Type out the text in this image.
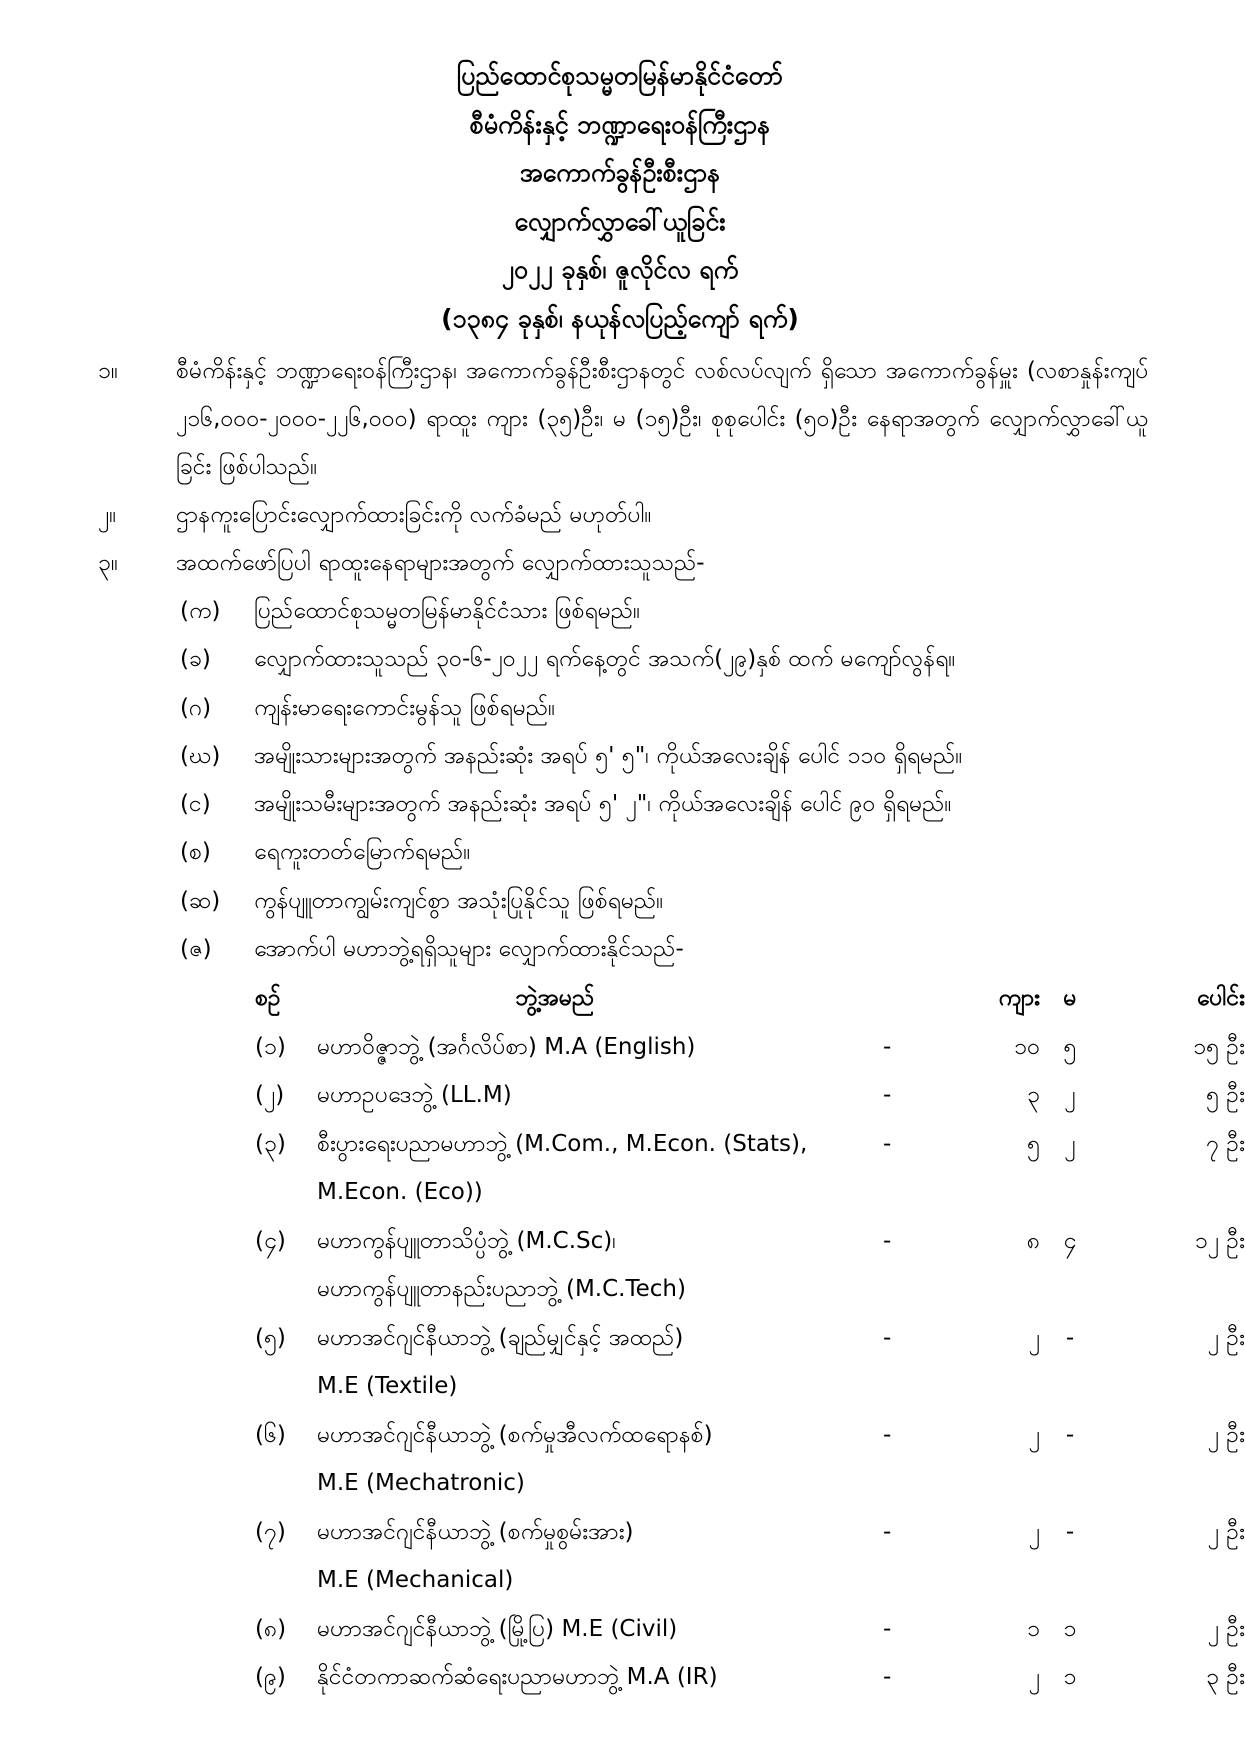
ပြည်ထောင်စုသမ္မတမြန်မာနိုင်ငံတော်
စီမံကိန်းနှင့် ဘဏ္ဍာရေးဝန်ကြီးဌာန
အကောက်ခွန်ဦးစီးဌာန
လျှောက်လွှာခေါ်ယူခြင်း
၂၀၂၂ ခုနှစ်၊ ဇူလိုင်လ ရက်
(၁၃၈၄ ခုနှစ်၊ နယုန်လပြည့်ကျော် ရက်)
၁။	စီမံကိန်းနှင့် ဘဏ္ဍာရေးဝန်ကြီးဌာန၊ အကောက်ခွန်ဦးစီးဌာနတွင် လစ်လပ်လျက် ရှိသော အကောက်ခွန်မှူး (လစာနှုန်းကျပ် ၂၁၆,၀၀၀-၂၀၀၀-၂၂၆,၀၀၀) ရာထူး ကျား (၃၅)ဦး၊ မ (၁၅)ဦး၊ စုစုပေါင်း (၅၀)ဦး နေရာအတွက် လျှောက်လွှာခေါ်ယူခြင်း ဖြစ်ပါသည်။
၂။	ဌာနကူးပြောင်းလျှောက်ထားခြင်းကို လက်ခံမည် မဟုတ်ပါ။
၃။	အထက်ဖော်ပြပါ ရာထူးနေရာများအတွက် လျှောက်ထားသူသည်-
(က)	ပြည်ထောင်စုသမ္မတမြန်မာနိုင်ငံသား ဖြစ်ရမည်။
(ခ)	လျှောက်ထားသူသည် ၃၀-၆-၂၀၂၂ ရက်နေ့တွင် အသက်(၂၉)နှစ် ထက် မကျော်လွန်ရ။
(ဂ)	ကျန်းမာရေးကောင်းမွန်သူ ဖြစ်ရမည်။
(ဃ)	အမျိုးသားများအတွက် အနည်းဆုံး အရပ် ၅' ၅"၊ ကိုယ်အလေးချိန် ပေါင် ၁၁၀ ရှိရမည်။
(င)	အမျိုးသမီးများအတွက် အနည်းဆုံး အရပ် ၅' ၂"၊ ကိုယ်အလေးချိန် ပေါင် ၉၀ ရှိရမည်။
(စ)	ရေကူးတတ်မြောက်ရမည်။
(ဆ)	ကွန်ပျူတာကျွမ်းကျင်စွာ အသုံးပြုနိုင်သူ ဖြစ်ရမည်။
(ဇ)	အောက်ပါ မဟာဘွဲ့ရရှိသူများ လျှောက်ထားနိုင်သည်-
စဉ်	ဘွဲ့အမည်	ကျား	မ	ပေါင်း
(၁) မဟာဝိဇ္ဇာဘွဲ့ (အင်္ဂလိပ်စာ) M.A (English)	-	၁၀	၅	၁၅ ဦး
(၂) မဟာဥပဒေဘွဲ့ (LL.M)	-	၃	၂	၅ ဦး
(၃) စီးပွားရေးပညာမဟာဘွဲ့ (M.Com., M.Econ. (Stats),	-	၅	၂	၇ ဦး
M.Econ. (Eco))
(၄) မဟာကွန်ပျူတာသိပ္ပံဘွဲ့ (M.C.Sc)၊	-	၈	၄	၁၂ ဦး
မဟာကွန်ပျူတာနည်းပညာဘွဲ့ (M.C.Tech)
(၅) မဟာအင်ဂျင်နီယာဘွဲ့ (ချည်မျှင်နှင့် အထည်)	-	၂	-	၂ ဦး
M.E (Textile)
(၆) မဟာအင်ဂျင်နီယာဘွဲ့ (စက်မှုအီလက်ထရောနစ်)	-	၂	-	၂ ဦး
M.E (Mechatronic)
(၇) မဟာအင်ဂျင်နီယာဘွဲ့ (စက်မှုစွမ်းအား)	-	၂	-	၂ ဦး
M.E (Mechanical)
(၈) မဟာအင်ဂျင်နီယာဘွဲ့ (မြို့ပြ) M.E (Civil)	-	၁	၁	၂ ဦး
(၉) နိုင်ငံတကာဆက်ဆံရေးပညာမဟာဘွဲ့ M.A (IR)	-	၂	၁	၃ ဦး
